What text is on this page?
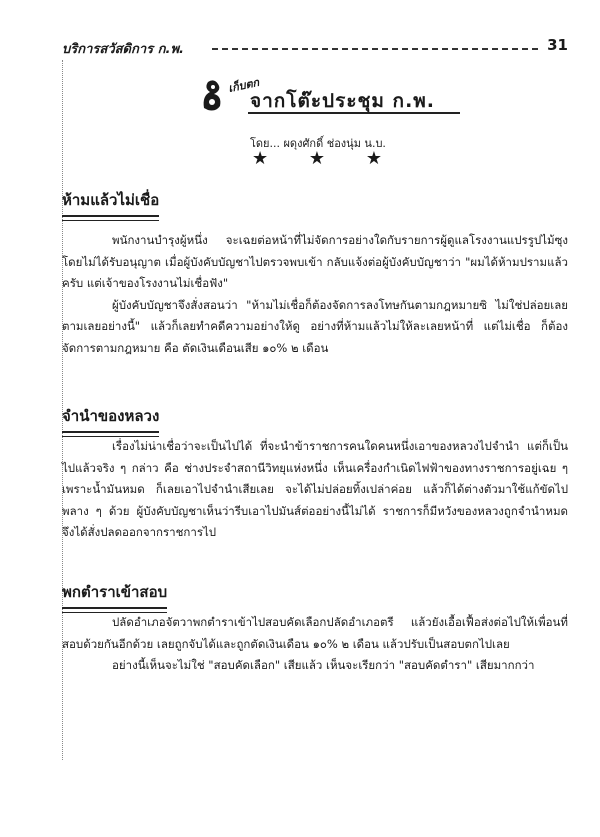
บริการสวัสดิการ ก.พ.	31
เก็บตก
จากโต๊ะประชุม ก.พ.
โดย... ผดุงศักดิ์ ช่องนุ่ม น.บ.
★ ★ ★
ห้ามแล้วไม่เชื่อ

พนักงานบำรุงผู้หนึ่ง จะเฉยต่อหน้าที่ไม่จัดการอย่างใดกับรายการผู้ดูแลโรงงานแปรรูปไม้ซุงโดยไม่ได้รับอนุญาต เมื่อผู้บังคับบัญชาไปตรวจพบเข้า กลับแจ้งต่อผู้บังคับบัญชาว่า "ผมได้ห้ามปรามแล้วครับ แต่เจ้าของโรงงานไม่เชื่อฟัง"

ผู้บังคับบัญชาจึงสั่งสอนว่า "ห้ามไม่เชื่อก็ต้องจัดการลงโทษกันตามกฎหมายซิ ไม่ใช่ปล่อยเลยตามเลยอย่างนี้" แล้วก็เลยทำคดีความอย่างให้ดู อย่างที่ห้ามแล้วไม่ให้ละเลยหน้าที่ แต่ไม่เชื่อ ก็ต้องจัดการตามกฎหมาย คือ ตัดเงินเดือนเสีย ๑๐% ๒ เดือน

จำนำของหลวง

เรื่องไม่น่าเชื่อว่าจะเป็นไปได้ ที่จะนำข้าราชการคนใดคนหนึ่งเอาของหลวงไปจำนำ แต่ก็เป็นไปแล้วจริง ๆ กล่าว คือ ช่างประจำสถานีวิทยุแห่งหนึ่ง เห็นเครื่องกำเนิดไฟฟ้าของทางราชการอยู่เฉย ๆ เพราะน้ำมันหมด ก็เลยเอาไปจำนำเสียเลย จะได้ไม่ปล่อยทิ้งเปล่าค่อย แล้วก็ได้ต่างตัวมาใช้แก้ขัดไปพลาง ๆ ด้วย ผู้บังคับบัญชาเห็นว่ารีบเอาไปมันส์ต่ออย่างนี้ไม่ได้ ราชการก็มีหวังของหลวงถูกจำนำหมด จึงได้สั่งปลดออกจากราชการไป

พกตำราเข้าสอบ

ปลัดอำเภอจัตวาพกตำราเข้าไปสอบคัดเลือกปลัดอำเภอตรี แล้วยังเอื้อเฟื้อส่งต่อไปให้เพื่อนที่สอบด้วยกันอีกด้วย เลยถูกจับได้และถูกตัดเงินเดือน ๑๐% ๒ เดือน แล้วปรับเป็นสอบตกไปเลย

อย่างนี้เห็นจะไม่ใช่ "สอบคัดเลือก" เสียแล้ว เห็นจะเรียกว่า "สอบคัดตำรา" เสียมากกว่า
